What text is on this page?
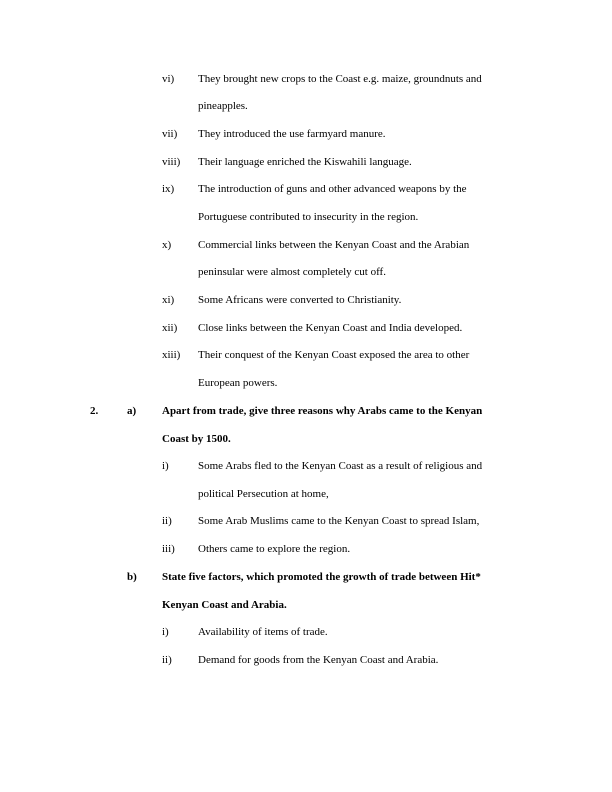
vi) They brought new crops to the Coast e.g. maize, groundnuts and
pineapples.
vii) They introduced the use farmyard manure.
viii) Their language enriched the Kiswahili language.
ix) The introduction of guns and other advanced weapons by the
Portuguese contributed to insecurity in the region.
x) Commercial links between the Kenyan Coast and the Arabian
peninsular were almost completely cut off.
xi) Some Africans were converted to Christianity.
xii) Close links between the Kenyan Coast and India developed.
xiii) Their conquest of the Kenyan Coast exposed the area to other
European powers.
2.	a) Apart from trade, give three reasons why Arabs came to the Kenyan
Coast by 1500.
i)	Some Arabs fled to the Kenyan Coast as a result of religious and
political Persecution at home,
ii) Some Arab Muslims came to the Kenyan Coast to spread Islam,
iii) Others came to explore the region.
b) State five factors, which promoted the growth of trade between Hit*
Kenyan Coast and Arabia.
i)	Availability of items of trade.
ii) Demand for goods from the Kenyan Coast and Arabia.
